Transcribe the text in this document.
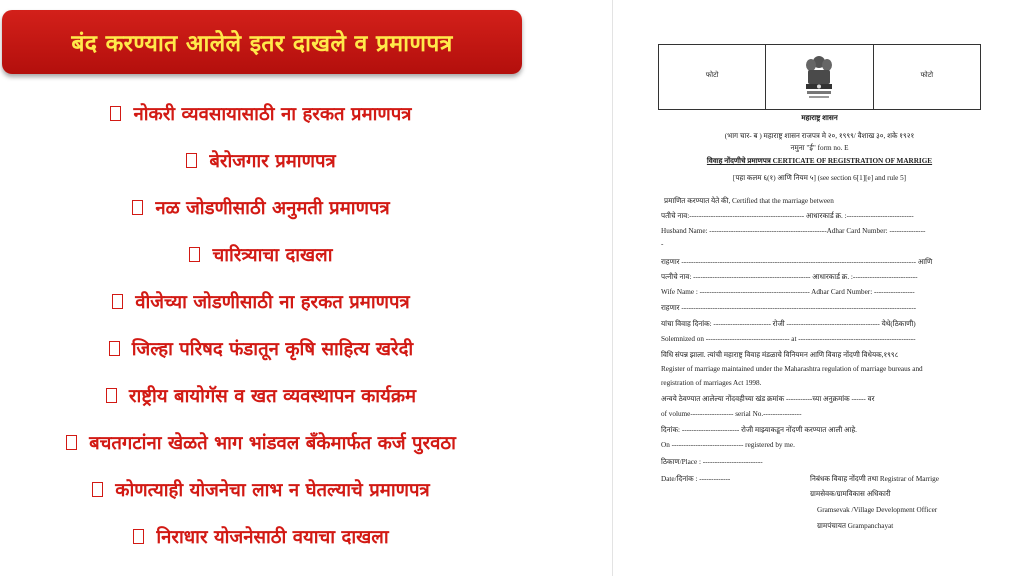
बंद करण्यात आलेले इतर दाखले व प्रमाणपत्र
नोकरी व्यवसायासाठी ना हरकत प्रमाणपत्र
बेरोजगार प्रमाणपत्र
नळ जोडणीसाठी अनुमती प्रमाणपत्र
चारित्र्याचा दाखला
वीजेच्या जोडणीसाठी ना हरकत प्रमाणपत्र
जिल्हा परिषद फंडातून कृषि साहित्य खरेदी
राष्ट्रीय बायोगॅस व खत व्यवस्थापन कार्यक्रम
बचतगटांना खेळते भाग भांडवल बॅंकेमार्फत कर्ज पुरवठा
कोणत्याही योजनेचा लाभ न घेतल्याचे प्रमाणपत्र
निराधार योजनेसाठी वयाचा दाखला
फोटो	फोटो
महाराष्ट्र शासन
(भाग चार- ब ) महाराष्ट्र शासन राजपत्र मे २०, १९९९/ वैशाख ३०, शके १९२१
नमुना "ई" form no. E
विवाह नोंदणीचे प्रमाणपत्र CERTICATE OF REGISTRATION OF MARRIGE
[पहा कलम ६(१) आणि नियम ५] (see section 6[1][e] and rule 5]
प्रमाणित करण्यात येते की, Certified that the marriage between
पतीचे नाव:------------------------------------------------ आधारकार्ड क्र. :----------------------------
Husband Name: -------------------------------------------------Adhar Card Number: ---------------
-
राहणार -------------------------------------------------------------------------------------------------- आणि
पत्नीचे नाव: ------------------------------------------------- आधारकार्ड क्र. :---------------------------
Wife Name : ---------------------------------------------- Adhar Card Number: -----------------
राहणार --------------------------------------------------------------------------------------------------
यांचा विवाह दिनांक: ------------------------ रोजी --------------------------------------- येथे(ठिकाणी)
Solemnized on ----------------------------------- at -------------------------------------------------
विधि संपन्न झाला. त्यांची महाराष्ट्र विवाह मंडळाचे विनियमन आणि विवाह नोंदणी विधेयक,१९९८
Register of marriage maintained under the Maharashtra regulation of marriage bureaus and
registration of marriages Act 1998.
अन्वये ठेवण्यात आलेल्या नोंदवहीच्या खंड क्रमांक -----------च्या अनुक्रमांक ------ वर
of volume------------------ serial No.----------------
दिनांक: ------------------------ रोजी माझ्याकडून नोंदणी करण्यात आली आहे.
On ------------------------------ registered by me.
ठिकाण/Place : -------------------------
Date/दिनांक : -------------	निबंधक विवाह नोंदणी तथा Registrar of Marrige
ग्रामसेवक/ग्रामविकास अधिकारी
Gramsevak /Village Development Officer
ग्रामपंचायत Grampanchayat
